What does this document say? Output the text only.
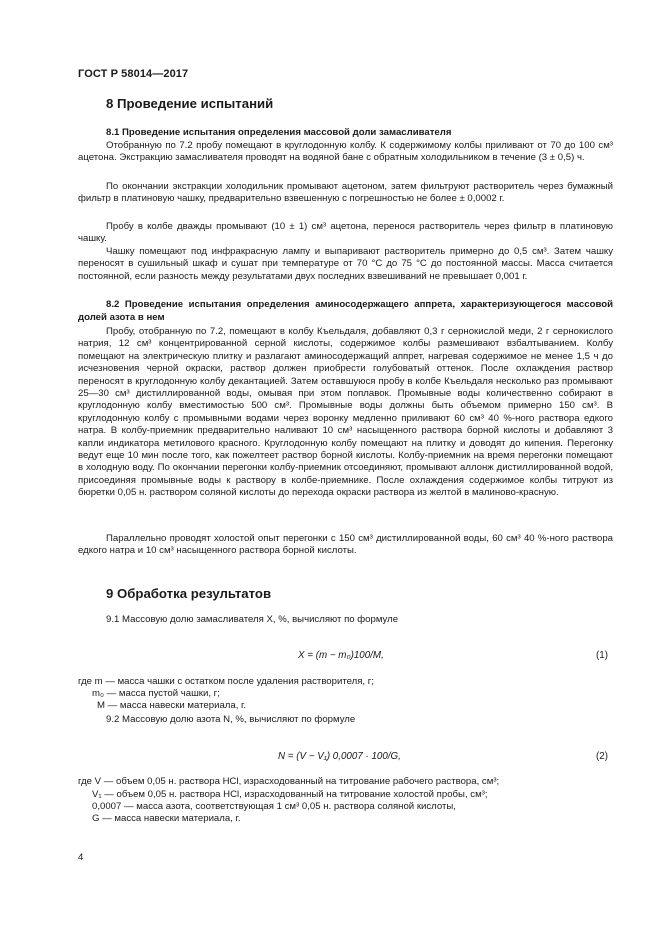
ГОСТ Р 58014—2017
8 Проведение испытаний
8.1 Проведение испытания определения массовой доли замасливателя
Отобранную по 7.2 пробу помещают в круглодонную колбу. К содержимому колбы приливают от 70 до 100 см³ ацетона. Экстракцию замасливателя проводят на водяной бане с обратным холодильником в течение (3 ± 0,5) ч.
По окончании экстракции холодильник промывают ацетоном, затем фильтруют растворитель через бумажный фильтр в платиновую чашку, предварительно взвешенную с погрешностью не более ± 0,0002 г.
Пробу в колбе дважды промывают (10 ± 1) см³ ацетона, перенося растворитель через фильтр в платиновую чашку.
Чашку помещают под инфракрасную лампу и выпаривают растворитель примерно до 0,5 см³. Затем чашку переносят в сушильный шкаф и сушат при температуре от 70 °С до 75 °С до постоянной массы. Масса считается постоянной, если разность между результатами двух последних взвешиваний не превышает 0,001 г.
8.2 Проведение испытания определения аминосодержащего аппрета, характеризующегося массовой долей азота в нем
Пробу, отобранную по 7.2, помещают в колбу Къельдаля, добавляют 0,3 г сернокислой меди, 2 г сернокислого натрия, 12 см³ концентрированной серной кислоты, содержимое колбы размешивают взбалтыванием. Колбу помещают на электрическую плитку и разлагают аминосодержащий аппрет, нагревая содержимое не менее 1,5 ч до исчезновения черной окраски, раствор должен приобрести голубоватый оттенок. После охлаждения раствор переносят в круглодонную колбу декантацией. Затем оставшуюся пробу в колбе Къельдаля несколько раз промывают 25—30 см³ дистиллированной воды, омывая при этом поплавок. Промывные воды количественно собирают в круглодонную колбу вместимостью 500 см³. Промывные воды должны быть объемом примерно 150 см³. В круглодонную колбу с промывными водами через воронку медленно приливают 60 см³ 40 %-ного раствора едкого натра. В колбу-приемник предварительно наливают 10 см³ насыщенного раствора борной кислоты и добавляют 3 капли индикатора метилового красного. Круглодонную колбу помещают на плитку и доводят до кипения. Перегонку ведут еще 10 мин после того, как пожелтеет раствор борной кислоты. Колбу-приемник на время перегонки помещают в холодную воду. По окончании перегонки колбу-приемник отсоединяют, промывают аллонж дистиллированной водой, присоединяя промывные воды к раствору в колбе-приемнике. После охлаждения содержимое колбы титруют из бюретки 0,05 н. раствором соляной кислоты до перехода окраски раствора из желтой в малиново-красную.
Параллельно проводят холостой опыт перегонки с 150 см³ дистиллированной воды, 60 см³ 40 %-ного раствора едкого натра и 10 см³ насыщенного раствора борной кислоты.
9 Обработка результатов
9.1 Массовую долю замасливателя X, %, вычисляют по формуле
X = (m − m₀)100/M,	(1)
где m — масса чашки с остатком после удаления растворителя, г;
m₀ — масса пустой чашки, г;
M — масса навески материала, г.
9.2 Массовую долю азота N, %, вычисляют по формуле
N = (V − V₁) 0,0007 · 100/G,	(2)
где V — объем 0,05 н. раствора HCl, израсходованный на титрование рабочего раствора, см³;
V₁ — объем 0,05 н. раствора HCl, израсходованный на титрование холостой пробы, см³;
0,0007 — масса азота, соответствующая 1 см³ 0,05 н. раствора соляной кислоты,
G — масса навески материала, г.
4
